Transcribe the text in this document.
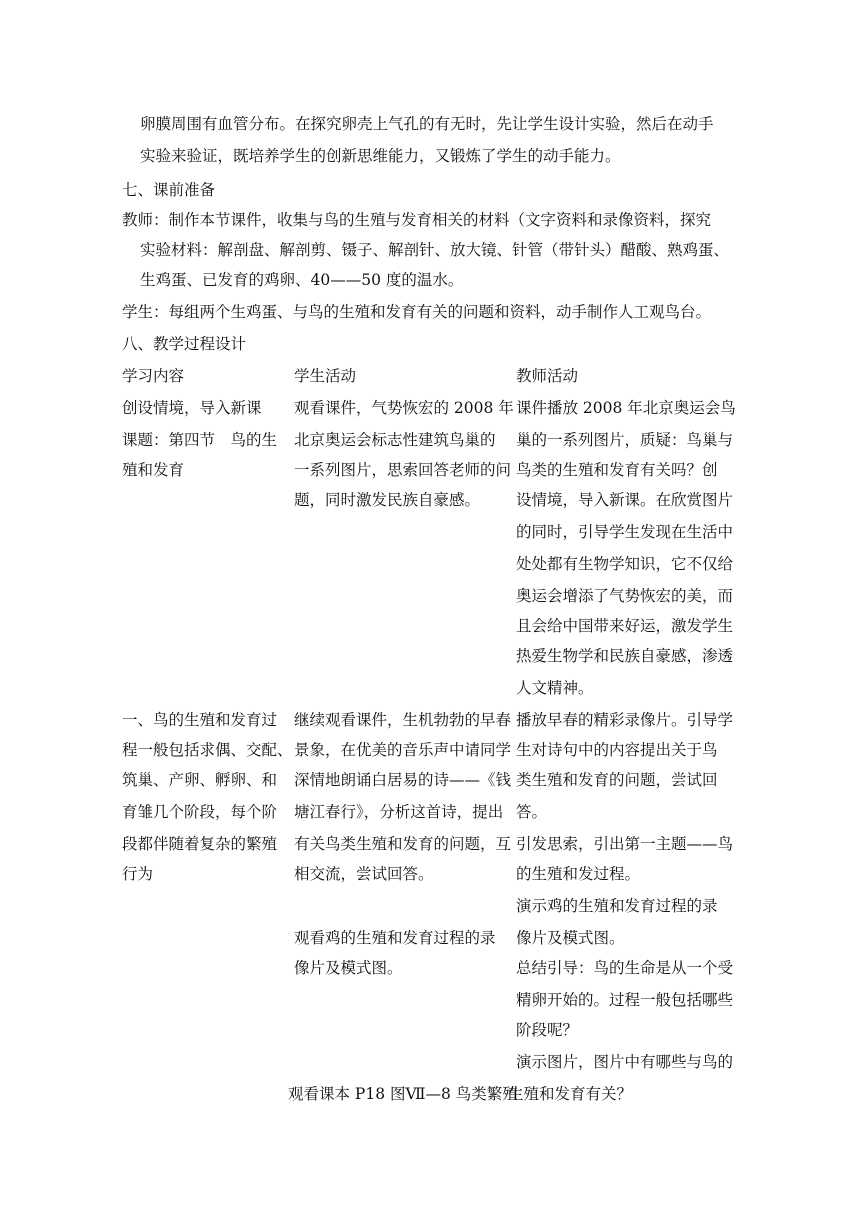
卵膜周围有血管分布。在探究卵壳上气孔的有无时，先让学生设计实验，然后在动手
实验来验证，既培养学生的创新思维能力，又锻炼了学生的动手能力。
七、课前准备
教师：制作本节课件，收集与鸟的生殖与发育相关的材料（文字资料和录像资料，探究
实验材料：解剖盘、解剖剪、镊子、解剖针、放大镜、针管（带针头）醋酸、熟鸡蛋、
生鸡蛋、已发育的鸡卵、40——50 度的温水。
学生：每组两个生鸡蛋、与鸟的生殖和发育有关的问题和资料，动手制作人工观鸟台。
八、教学过程设计
学习内容	学生活动	教师活动
创设情境，导入新课
课题：第四节　鸟的生
殖和发育
观看课件，气势恢宏的 2008 年
北京奥运会标志性建筑鸟巢的
一系列图片，思索回答老师的问
题，同时激发民族自豪感。
课件播放 2008 年北京奥运会鸟
巢的一系列图片，质疑：鸟巢与
鸟类的生殖和发育有关吗？创
设情境，导入新课。在欣赏图片
的同时，引导学生发现在生活中
处处都有生物学知识，它不仅给
奥运会增添了气势恢宏的美，而
且会给中国带来好运，激发学生
热爱生物学和民族自豪感，渗透
人文精神。
一、鸟的生殖和发育过
程一般包括求偶、交配、
筑巢、产卵、孵卵、和
育雏几个阶段，每个阶
段都伴随着复杂的繁殖
行为
继续观看课件，生机勃勃的早春
景象，在优美的音乐声中请同学
深情地朗诵白居易的诗——《钱
塘江春行》，分析这首诗，提出
有关鸟类生殖和发育的问题，互
相交流，尝试回答。
观看鸡的生殖和发育过程的录
像片及模式图。
观看课本 P18 图Ⅶ—8 鸟类繁殖
播放早春的精彩录像片。引导学
生对诗句中的内容提出关于鸟
类生殖和发育的问题，尝试回
答。
引发思索，引出第一主题——鸟
的生殖和发过程。
演示鸡的生殖和发育过程的录
像片及模式图。
总结引导：鸟的生命是从一个受
精卵开始的。过程一般包括哪些
阶段呢？
演示图片，图片中有哪些与鸟的
生殖和发育有关？
